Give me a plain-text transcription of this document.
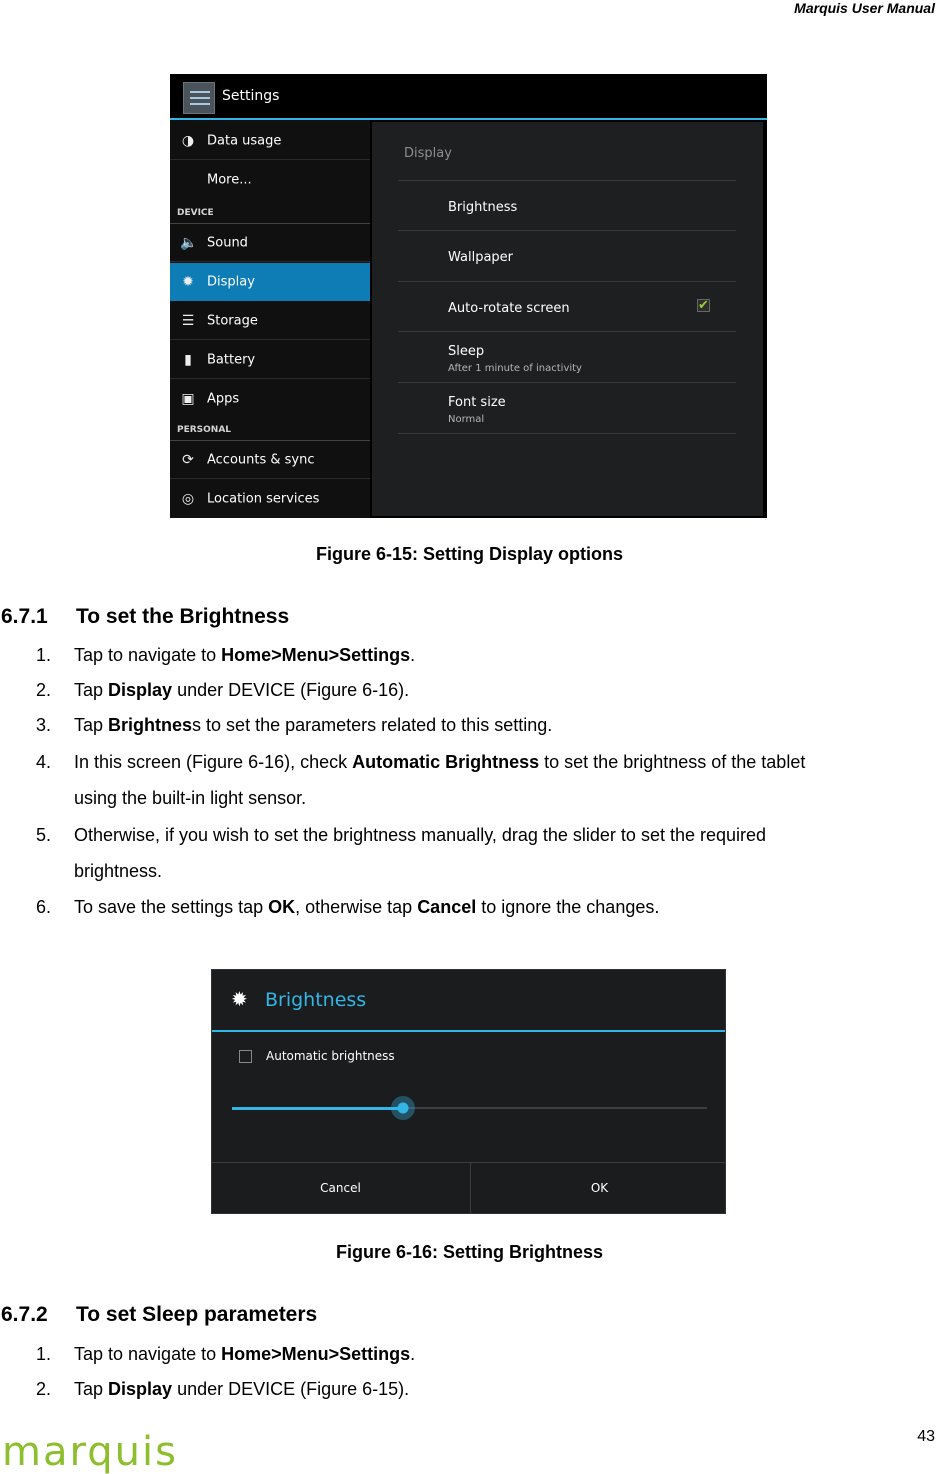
Marquis User Manual
Settings
◑ Data usage
More...
DEVICE
🔈 Sound
✹ Display
☰ Storage
▮	Battery
▣ Apps
PERSONAL
⟳ Accounts & sync
◎ Location services
Display
Brightness
Wallpaper
Auto-rotate screen	✔
Sleep
After 1 minute of inactivity
Font size
Normal
Figure 6-15: Setting Display options
6.7.1 To set the Brightness
1. Tap to navigate to Home>Menu>Settings.
2. Tap Display under DEVICE (Figure 6-16).
3. Tap Brightness to set the parameters related to this setting.
4. In this screen (Figure 6-16), check Automatic Brightness to set the brightness of the tablet
using the built-in light sensor.
5. Otherwise, if you wish to set the brightness manually, drag the slider to set the required
brightness.
6. To save the settings tap OK, otherwise tap Cancel to ignore the changes.
✹ Brightness
Automatic brightness
Cancel	OK
Figure 6-16: Setting Brightness
6.7.2 To set Sleep parameters
1. Tap to navigate to Home>Menu>Settings.
2. Tap Display under DEVICE (Figure 6-15).
marquis	43
